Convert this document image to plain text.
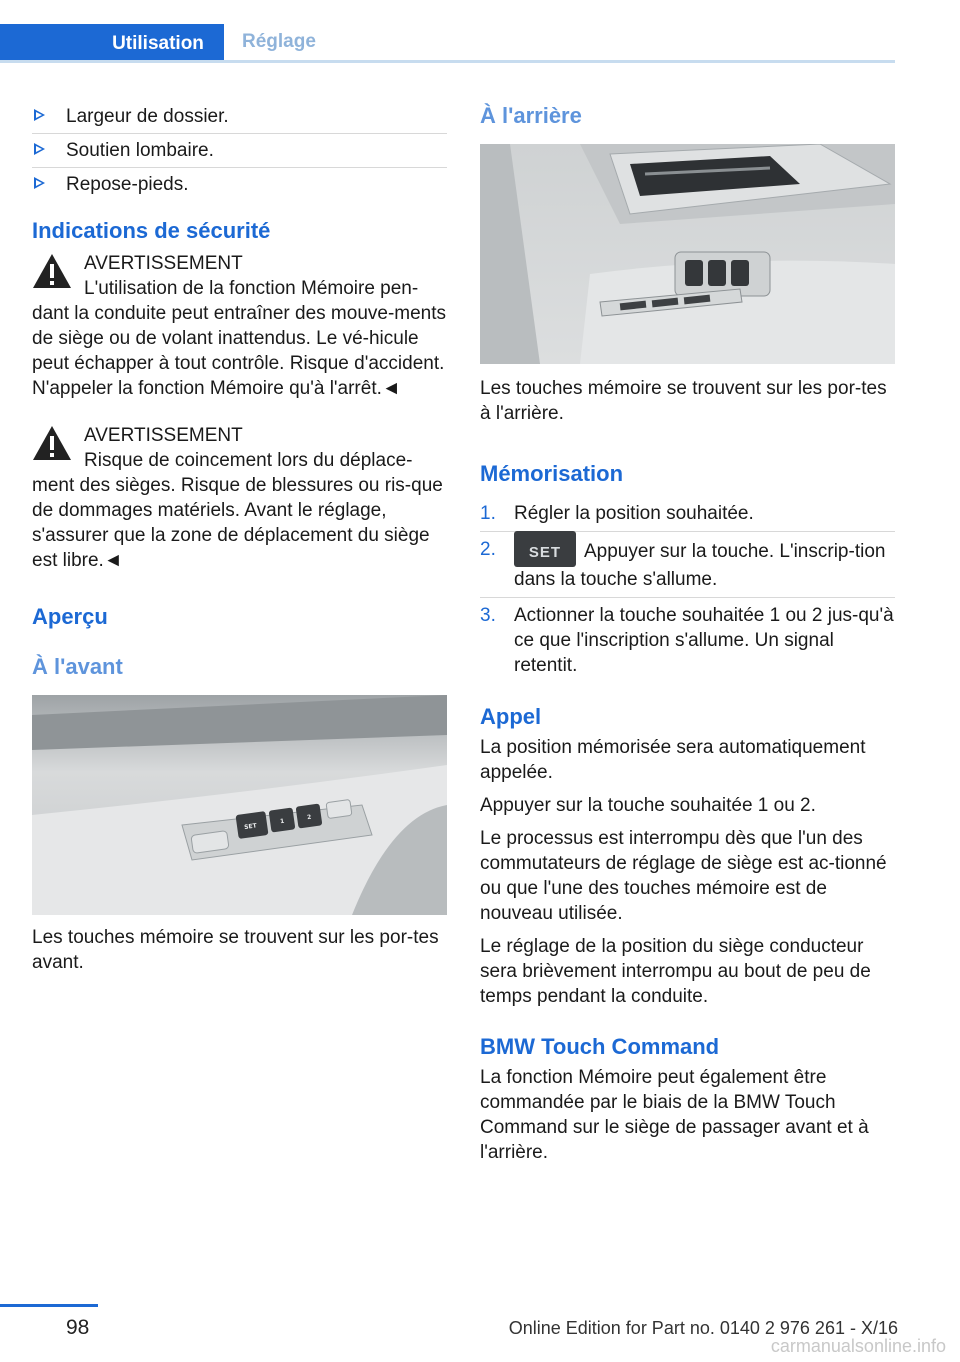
Utilisation	Réglage
Largeur de dossier.
Soutien lombaire.
Repose-pieds.
Indications de sécurité
AVERTISSEMENT
L'utilisation de la fonction Mémoire pen-

dant la conduite peut entraîner des mouve-ments de siège ou de volant inattendus. Le vé-hicule peut échapper à tout contrôle. Risque d'accident. N'appeler la fonction Mémoire qu'à l'arrêt.◄

AVERTISSEMENT
Risque de coincement lors du déplace-

ment des sièges. Risque de blessures ou ris-que de dommages matériels. Avant le réglage, s'assurer que la zone de déplacement du siège est libre.◄

Aperçu
À l'avant
SET
1
2

Les touches mémoire se trouvent sur les por-tes avant.

À l'arrière

Les touches mémoire se trouvent sur les por-tes à l'arrière.

Mémorisation
1. Régler la position souhaitée.
2.	SET	Appuyer sur la touche. L'inscrip-tion dans la touche s'allume.
3. Actionner la touche souhaitée 1 ou 2 jus-qu'à ce que l'inscription s'allume. Un signal retentit.
Appel

La position mémorisée sera automatiquement appelée.

Appuyer sur la touche souhaitée 1 ou 2.

Le processus est interrompu dès que l'un des commutateurs de réglage de siège est ac-tionné ou que l'une des touches mémoire est de nouveau utilisée.

Le réglage de la position du siège conducteur sera brièvement interrompu au bout de peu de temps pendant la conduite.

BMW Touch Command

La fonction Mémoire peut également être commandée par le biais de la BMW Touch Command sur le siège de passager avant et à l'arrière.

98	Online Edition for Part no. 0140 2 976 261 - X/16
carmanualsonline.info
